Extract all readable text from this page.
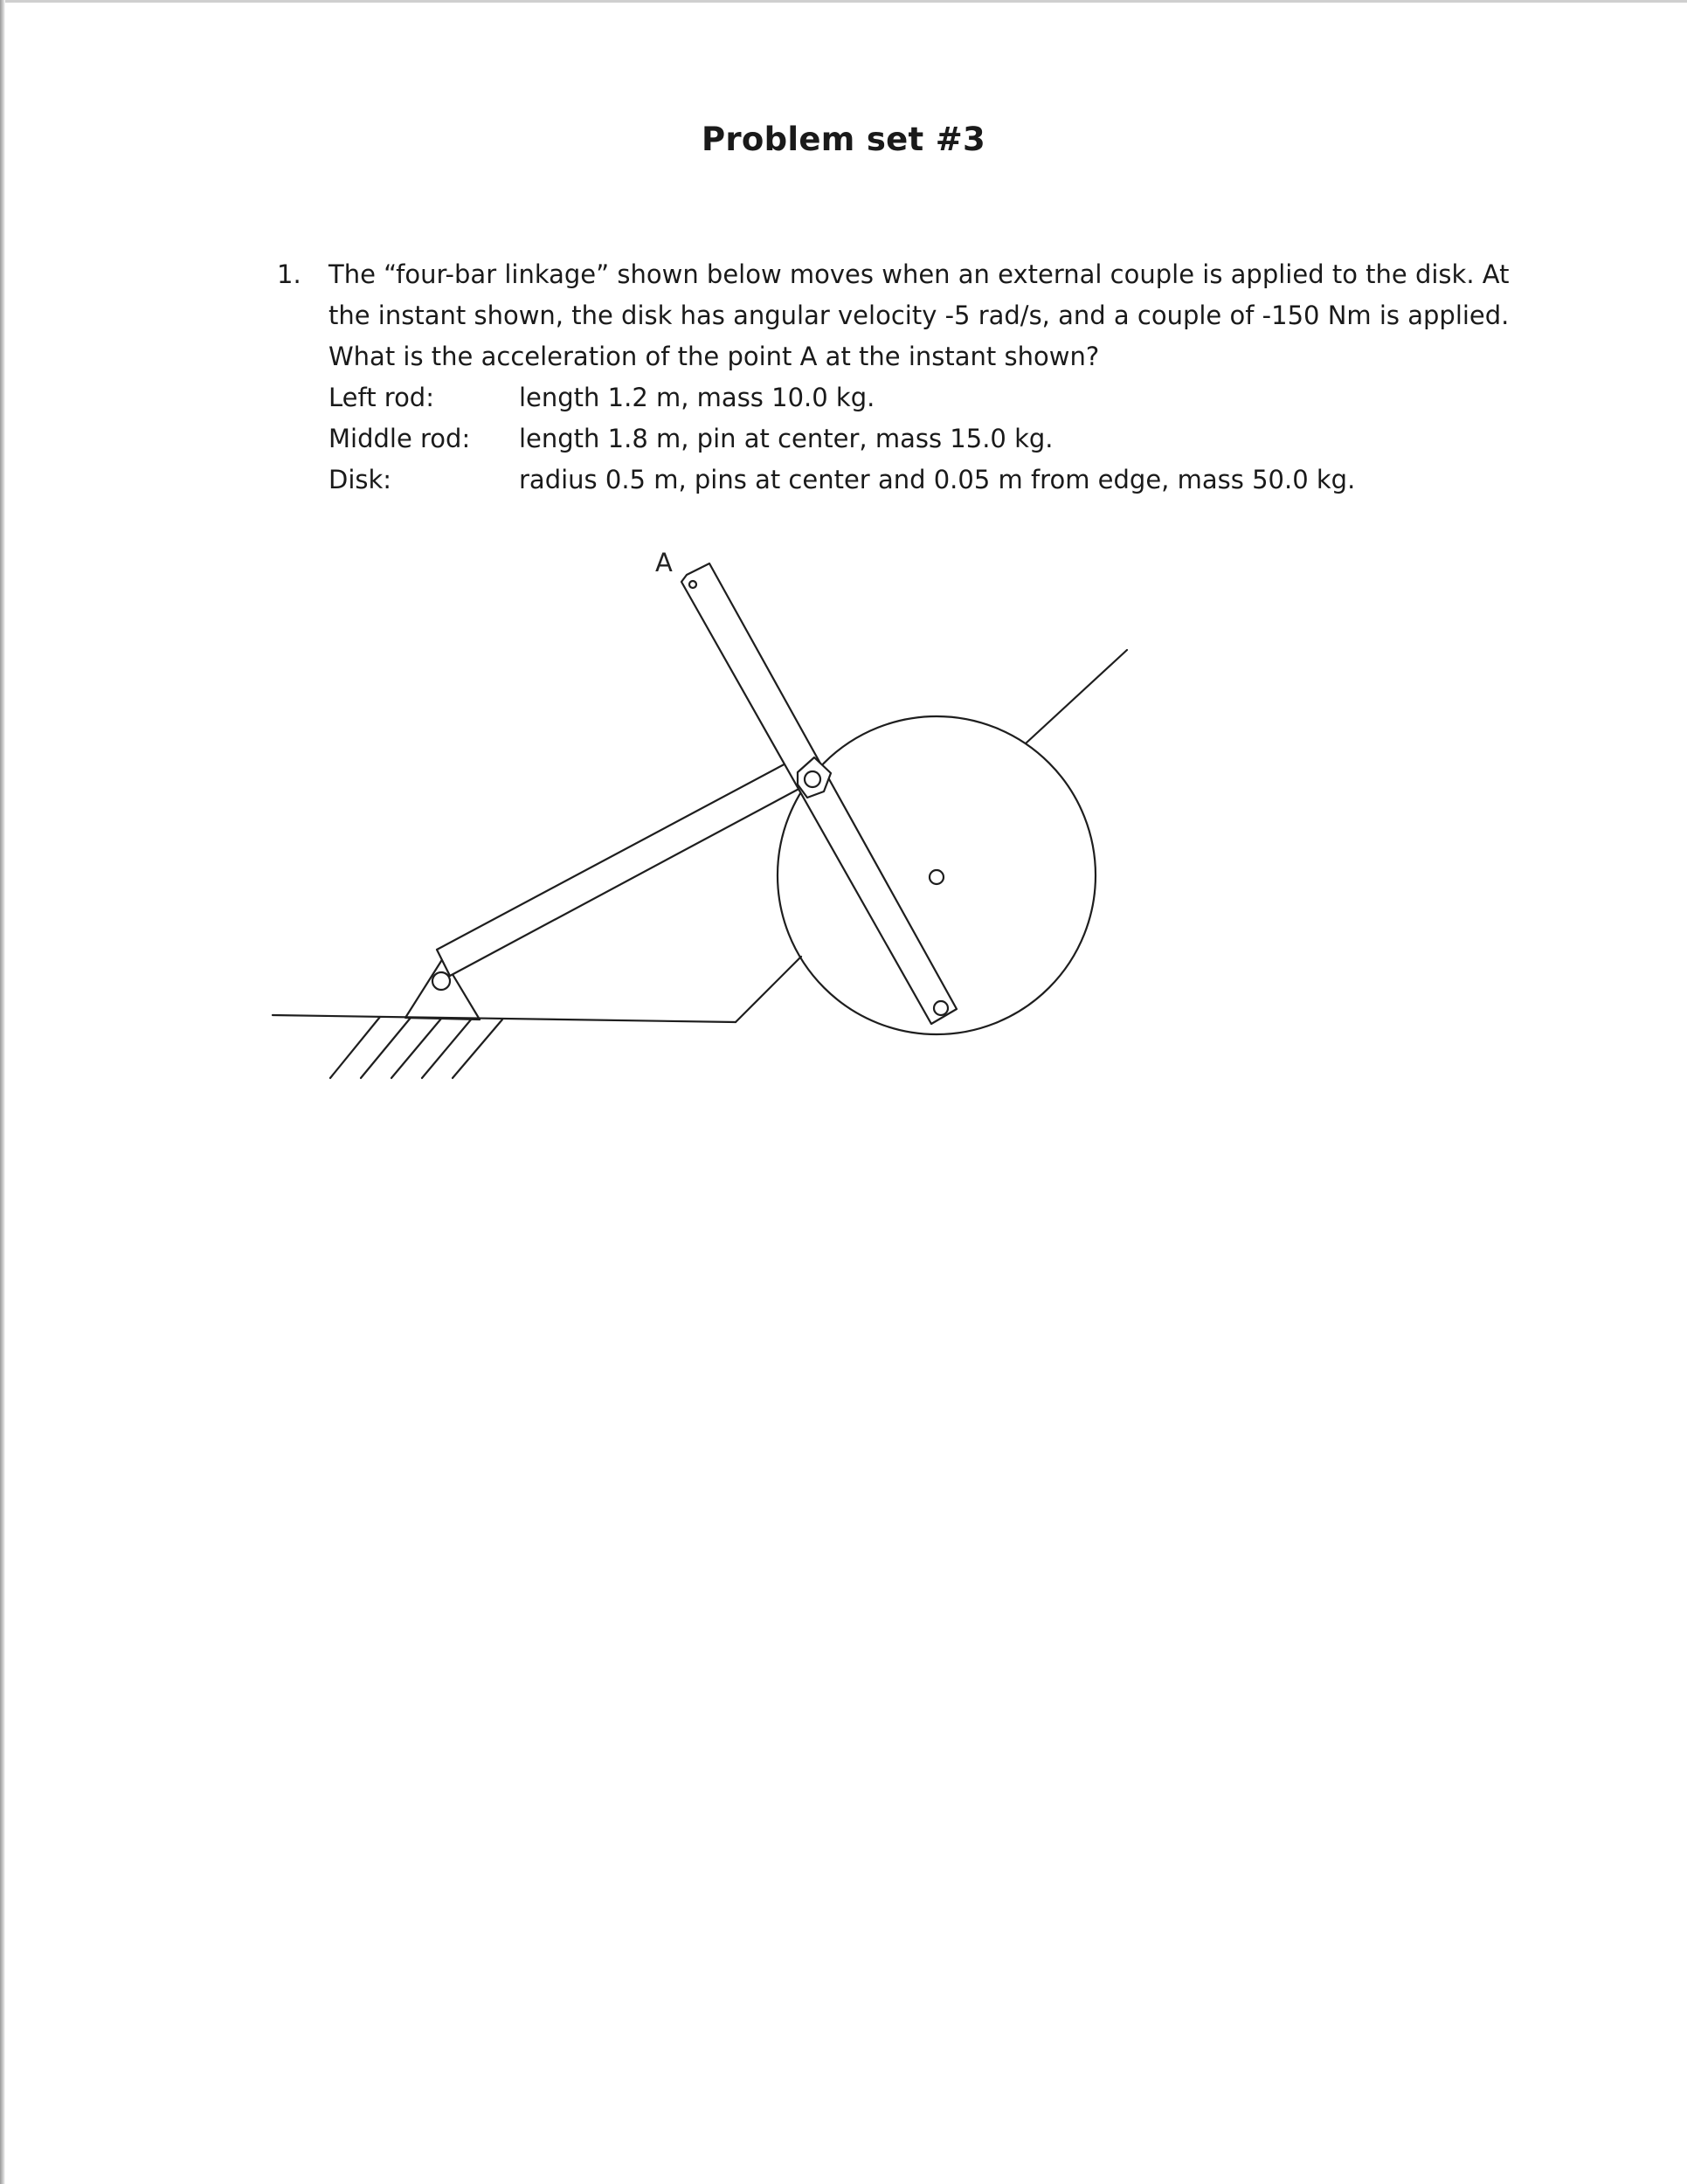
Problem set #3
1. The “four-bar linkage” shown below moves when an external couple is applied to the disk. At
the instant shown, the disk has angular velocity -5 rad/s, and a couple of -150 Nm is applied.
What is the acceleration of the point A at the instant shown?
Left rod:	length 1.2 m, mass 10.0 kg.
Middle rod: length 1.8 m, pin at center, mass 15.0 kg.
Disk:	radius 0.5 m, pins at center and 0.05 m from edge, mass 50.0 kg.
A
